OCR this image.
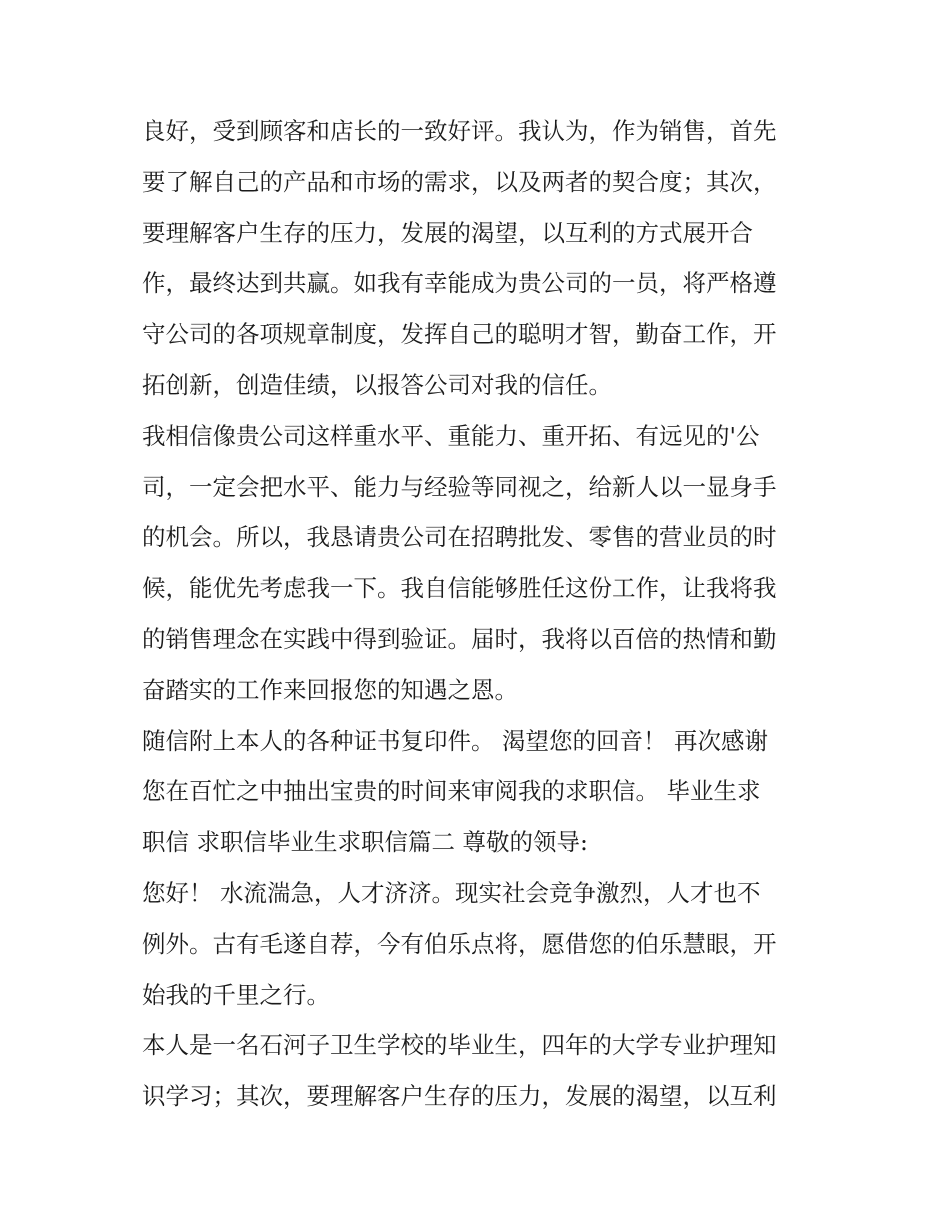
良好，受到顾客和店长的一致好评。我认为，作为销售，首先
要了解自己的产品和市场的需求，以及两者的契合度；其次，
要理解客户生存的压力，发展的渴望，以互利的方式展开合
作，最终达到共赢。如我有幸能成为贵公司的一员，将严格遵
守公司的各项规章制度，发挥自己的聪明才智，勤奋工作，开
拓创新，创造佳绩，以报答公司对我的信任。

我相信像贵公司这样重水平、重能力、重开拓、有远见的'公
司，一定会把水平、能力与经验等同视之，给新人以一显身手
的机会。所以，我恳请贵公司在招聘批发、零售的营业员的时
候，能优先考虑我一下。我自信能够胜任这份工作，让我将我
的销售理念在实践中得到验证。届时，我将以百倍的热情和勤
奋踏实的工作来回报您的知遇之恩。

随信附上本人的各种证书复印件。 渴望您的回音！ 再次感谢
您在百忙之中抽出宝贵的时间来审阅我的求职信。 毕业生求
职信 求职信毕业生求职信篇二 尊敬的领导:

您好！ 水流湍急，人才济济。现实社会竞争激烈，人才也不
例外。古有毛遂自荐，今有伯乐点将，愿借您的伯乐慧眼，开
始我的千里之行。

本人是一名石河子卫生学校的毕业生，四年的大学专业护理知
识学习；其次，要理解客户生存的压力，发展的渴望，以互利
